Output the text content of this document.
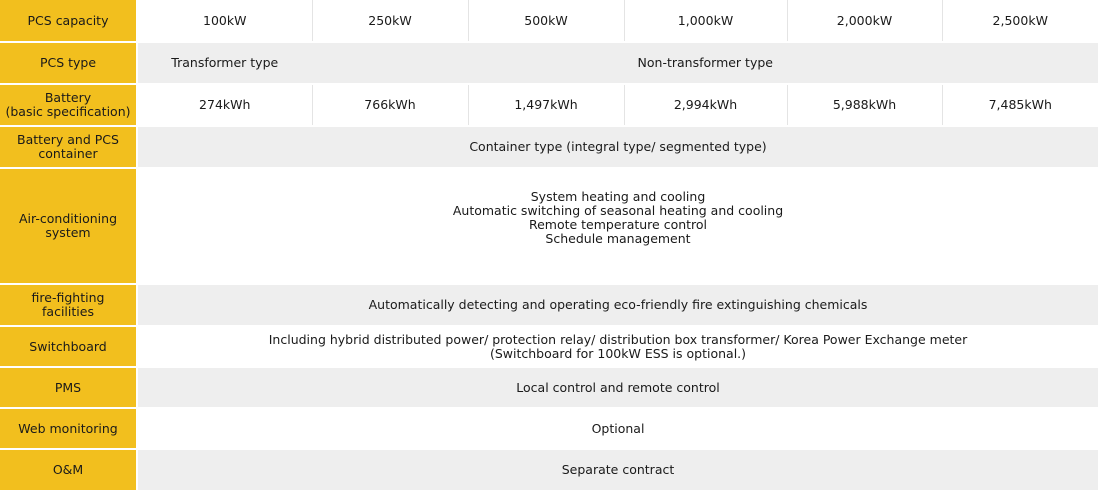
PCS capacity	100kW	250kW	500kW	1,000kW	2,000kW	2,500kW
PCS type	Transformer type	Non-transformer type				

Battery
(basic specification)	274kWh	766kWh	1,497kWh	2,994kWh	5,988kWh	7,485kWh

Battery and PCS
container	Container type (integral type/ segmented type)					

Air-conditioning
system	System heating and cooling
Automatic switching of seasonal heating and cooling
Remote temperature control
Schedule management					

fire-fighting facilities	Automatically detecting and operating eco-friendly fire extinguishing chemicals					
Switchboard	Including hybrid distributed power/ protection relay/ distribution box transformer/ Korea Power Exchange meter
(Switchboard for 100kW ESS is optional.)					

PMS	Local control and remote control					
Web monitoring	Optional					
O&M	Separate contract					
